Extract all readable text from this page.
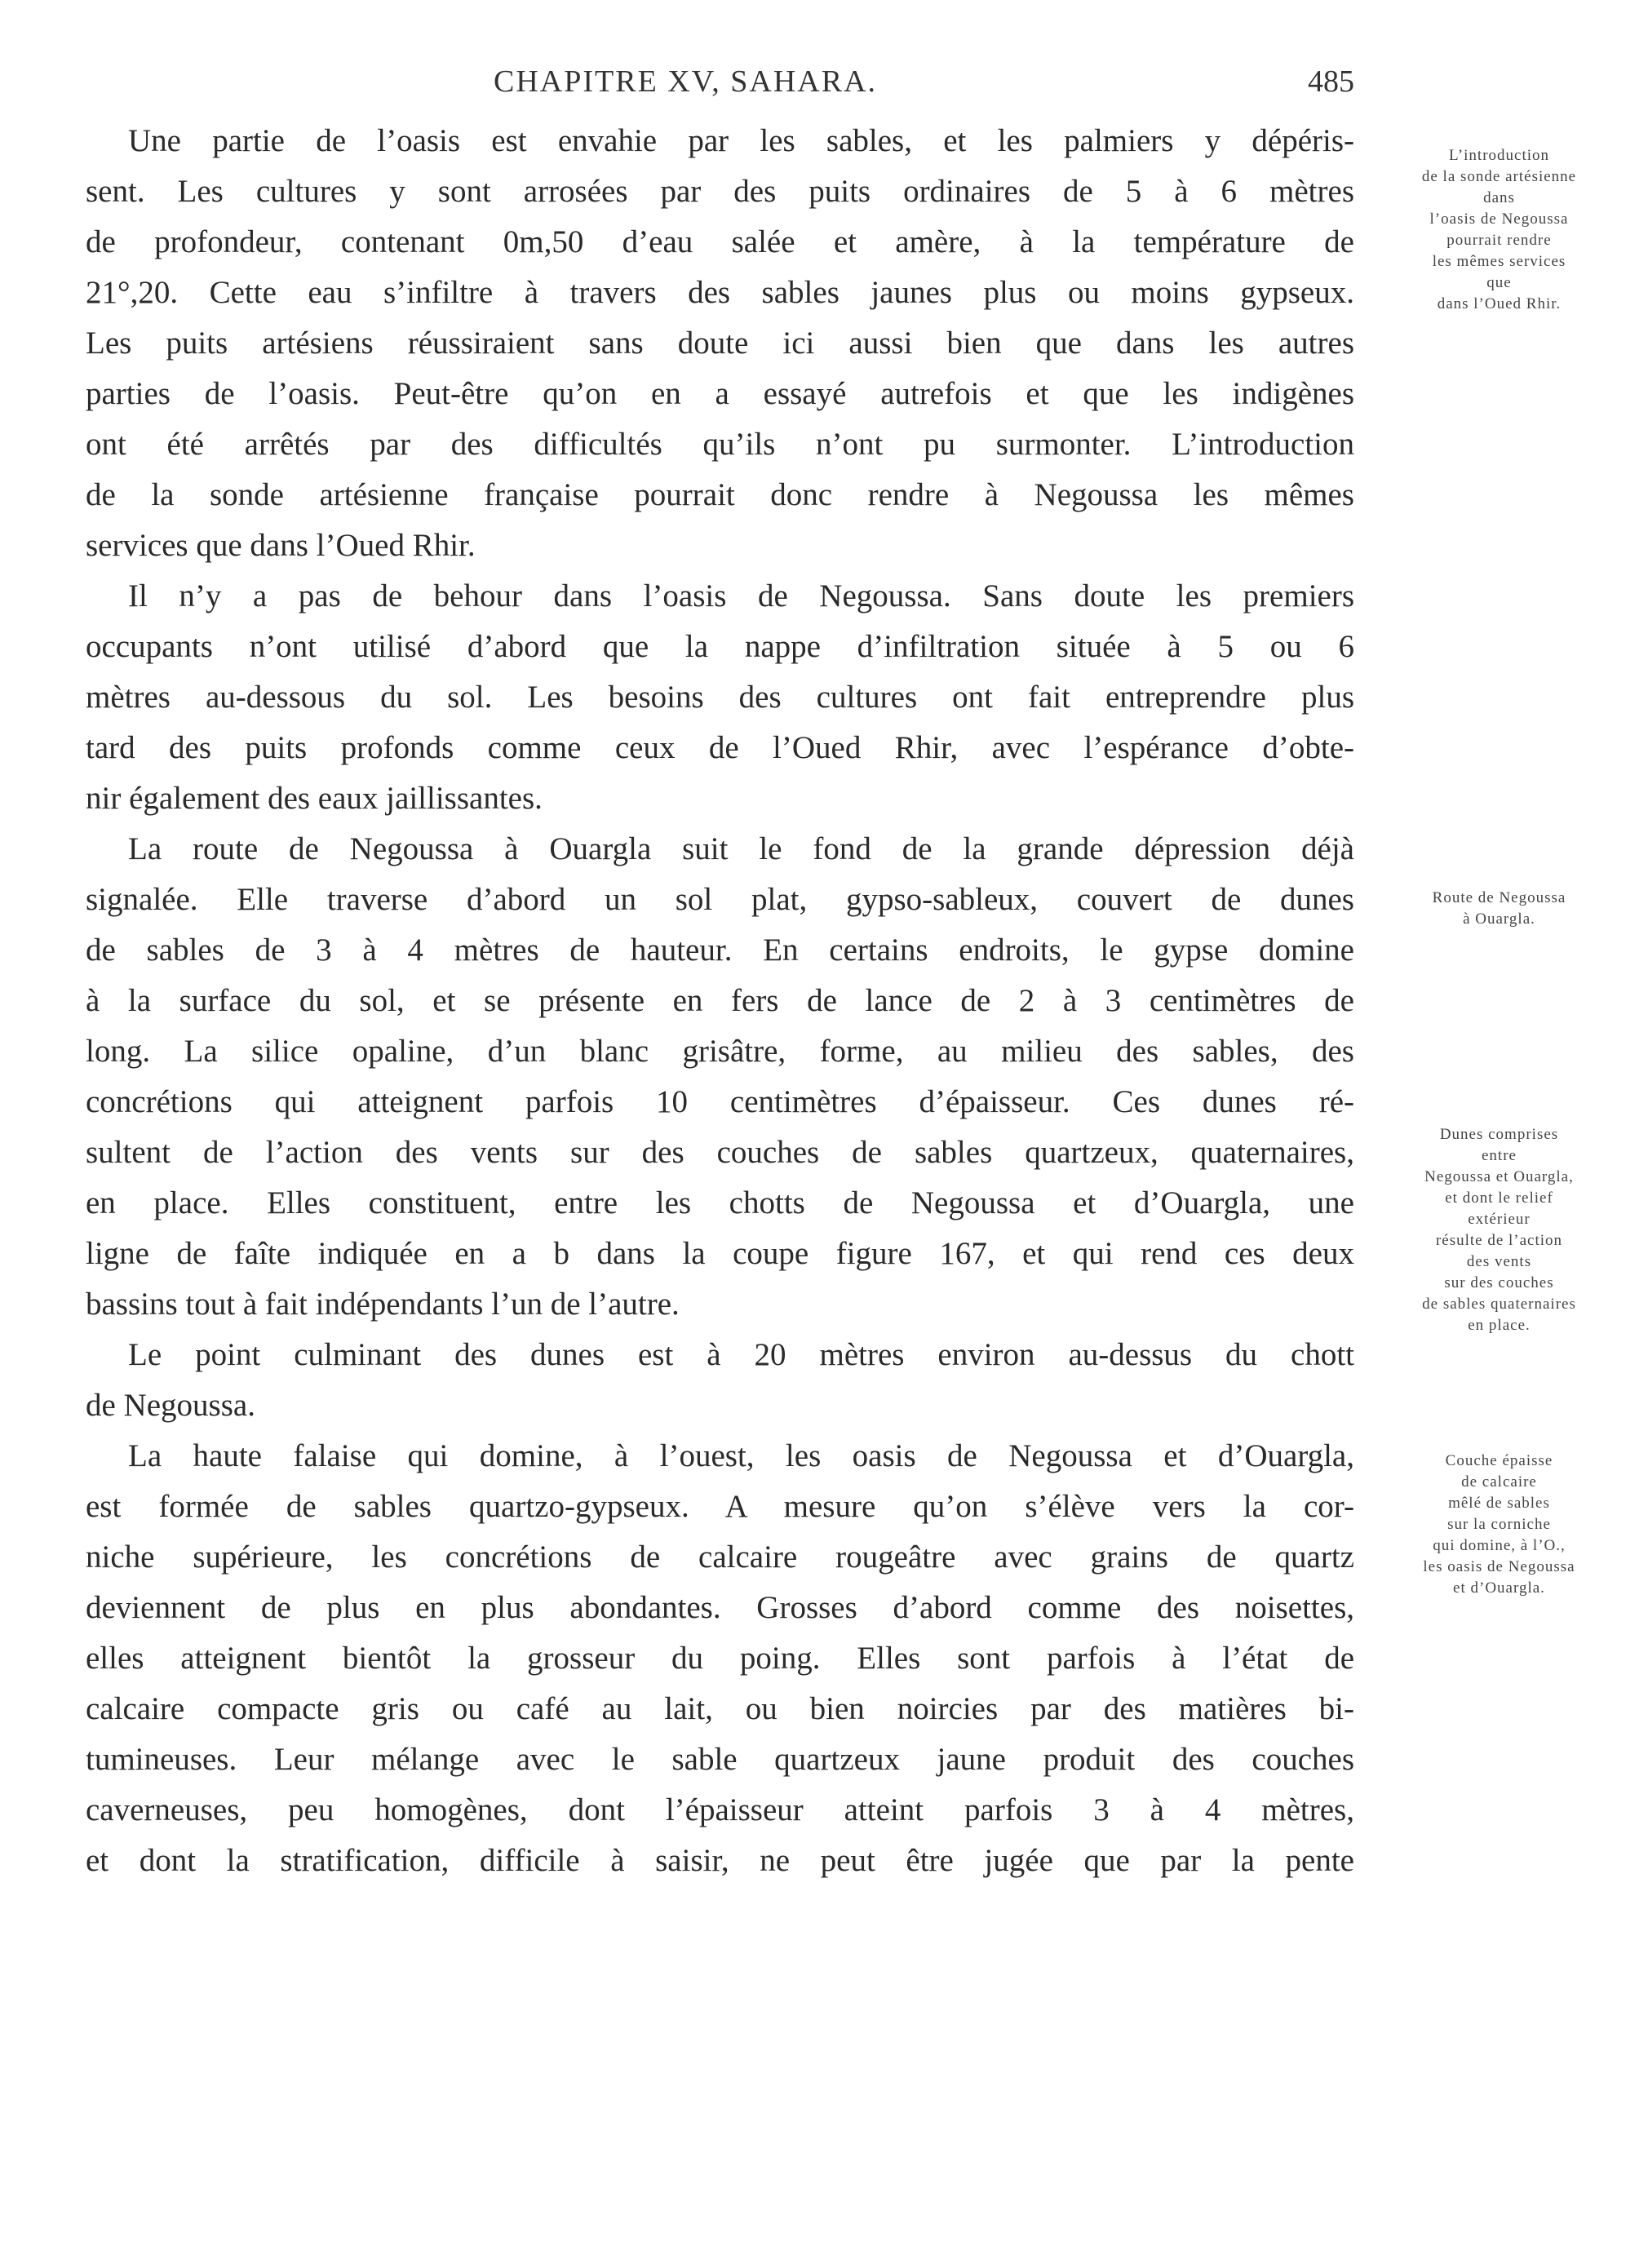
CHAPITRE XV, SAHARA.	485
Une partie de l’oasis est envahie par les sables, et les palmiers y dépéris-
sent. Les cultures y sont arrosées par des puits ordinaires de 5 à 6 mètres
de profondeur, contenant 0m,50 d’eau salée et amère, à la température de
21°,20. Cette eau s’infiltre à travers des sables jaunes plus ou moins gypseux.
Les puits artésiens réussiraient sans doute ici aussi bien que dans les autres
parties de l’oasis. Peut-être qu’on en a essayé autrefois et que les indigènes
ont été arrêtés par des difficultés qu’ils n’ont pu surmonter. L’introduction
de la sonde artésienne française pourrait donc rendre à Negoussa les mêmes
services que dans l’Oued Rhir.
Il n’y a pas de behour dans l’oasis de Negoussa. Sans doute les premiers
occupants n’ont utilisé d’abord que la nappe d’infiltration située à 5 ou 6
mètres au-dessous du sol. Les besoins des cultures ont fait entreprendre plus
tard des puits profonds comme ceux de l’Oued Rhir, avec l’espérance d’obte-
nir également des eaux jaillissantes.
La route de Negoussa à Ouargla suit le fond de la grande dépression déjà
signalée. Elle traverse d’abord un sol plat, gypso-sableux, couvert de dunes
de sables de 3 à 4 mètres de hauteur. En certains endroits, le gypse domine
à la surface du sol, et se présente en fers de lance de 2 à 3 centimètres de
long. La silice opaline, d’un blanc grisâtre, forme, au milieu des sables, des
concrétions qui atteignent parfois 10 centimètres d’épaisseur. Ces dunes ré-
sultent de l’action des vents sur des couches de sables quartzeux, quaternaires,
en place. Elles constituent, entre les chotts de Negoussa et d’Ouargla, une
ligne de faîte indiquée en a b dans la coupe figure 167, et qui rend ces deux
bassins tout à fait indépendants l’un de l’autre.
Le point culminant des dunes est à 20 mètres environ au-dessus du chott
de Negoussa.
La haute falaise qui domine, à l’ouest, les oasis de Negoussa et d’Ouargla,
est formée de sables quartzo-gypseux. A mesure qu’on s’élève vers la cor-
niche supérieure, les concrétions de calcaire rougeâtre avec grains de quartz
deviennent de plus en plus abondantes. Grosses d’abord comme des noisettes,
elles atteignent bientôt la grosseur du poing. Elles sont parfois à l’état de
calcaire compacte gris ou café au lait, ou bien noircies par des matières bi-
tumineuses. Leur mélange avec le sable quartzeux jaune produit des couches
caverneuses, peu homogènes, dont l’épaisseur atteint parfois 3 à 4 mètres,
et dont la stratification, difficile à saisir, ne peut être jugée que par la pente
L’introduction
de la sonde artésienne
dans
l’oasis de Negoussa
pourrait rendre
les mêmes services
que
dans l’Oued Rhir.
Route de Negoussa
à Ouargla.
Dunes comprises
entre
Negoussa et Ouargla,
et dont le relief
extérieur
résulte de l’action
des vents
sur des couches
de sables quaternaires
en place.
Couche épaisse
de calcaire
mêlé de sables
sur la corniche
qui domine, à l’O.,
les oasis de Negoussa
et d’Ouargla.
